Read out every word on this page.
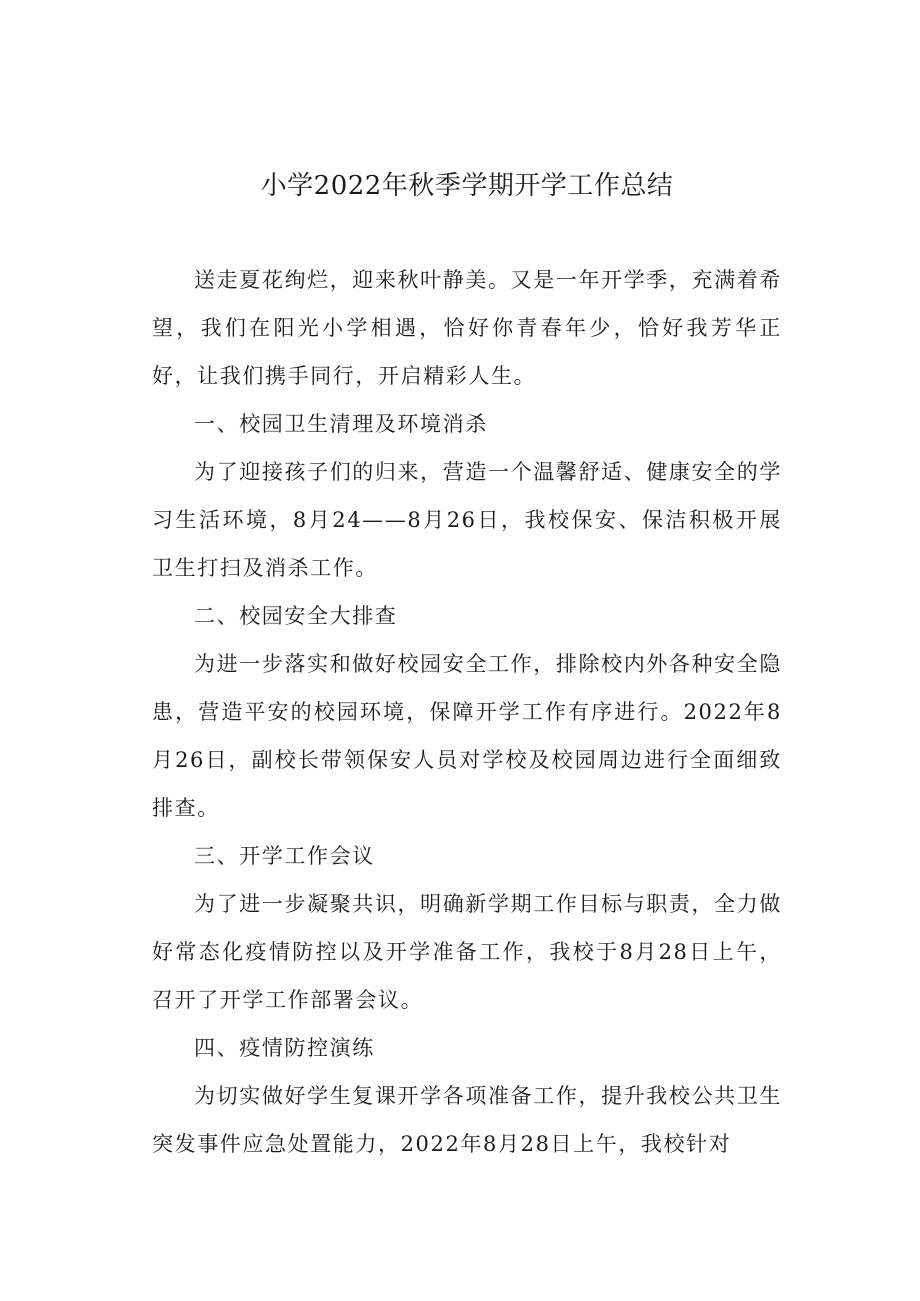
小学2022年秋季学期开学工作总结

送走夏花绚烂，迎来秋叶静美。又是一年开学季，充满着希望，我们在阳光小学相遇，恰好你青春年少，恰好我芳华正好，让我们携手同行，开启精彩人生。

一、校园卫生清理及环境消杀

为了迎接孩子们的归来，营造一个温馨舒适、健康安全的学习生活环境，8月24——8月26日，我校保安、保洁积极开展卫生打扫及消杀工作。

二、校园安全大排查

为进一步落实和做好校园安全工作，排除校内外各种安全隐患，营造平安的校园环境，保障开学工作有序进行。2022年8月26日，副校长带领保安人员对学校及校园周边进行全面细致排查。

三、开学工作会议

为了进一步凝聚共识，明确新学期工作目标与职责，全力做好常态化疫情防控以及开学准备工作，我校于8月28日上午，召开了开学工作部署会议。

四、疫情防控演练

为切实做好学生复课开学各项准备工作，提升我校公共卫生突发事件应急处置能力，2022年8月28日上午，我校针对
